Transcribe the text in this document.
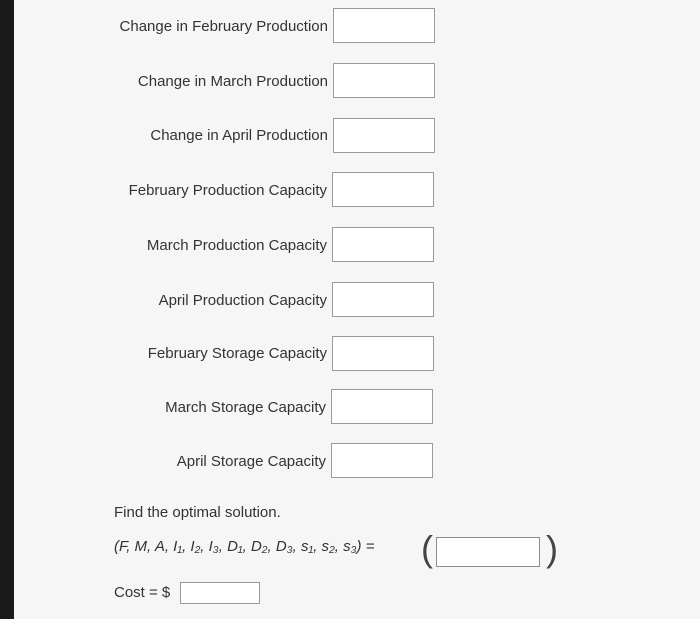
Change in February Production
Change in March Production
Change in April Production
February Production Capacity
March Production Capacity
April Production Capacity
February Storage Capacity
March Storage Capacity
April Storage Capacity
Find the optimal solution.
(F, M, A, I₁, I₂, I₃, D₁, D₂, D₃, s₁, s₂, s₃) = (	)
Cost = $
